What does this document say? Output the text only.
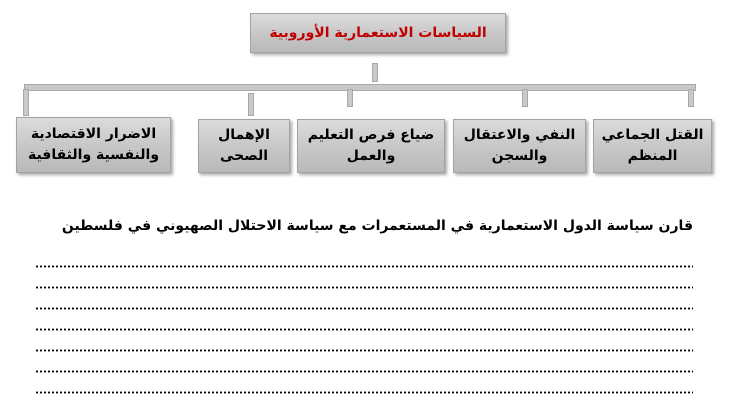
السياسات الاستعمارية الأوروبية
القتل الجماعي
المنظم
النفي والاعتقال
والسجن
ضياع فرص التعليم
والعمل
الإهمال
الصحى
الاضرار الاقتصادية
والنفسية والثقافية
قارن سياسة الدول الاستعمارية في المستعمرات مع سياسة الاحتلال الصهيوني في فلسطين
